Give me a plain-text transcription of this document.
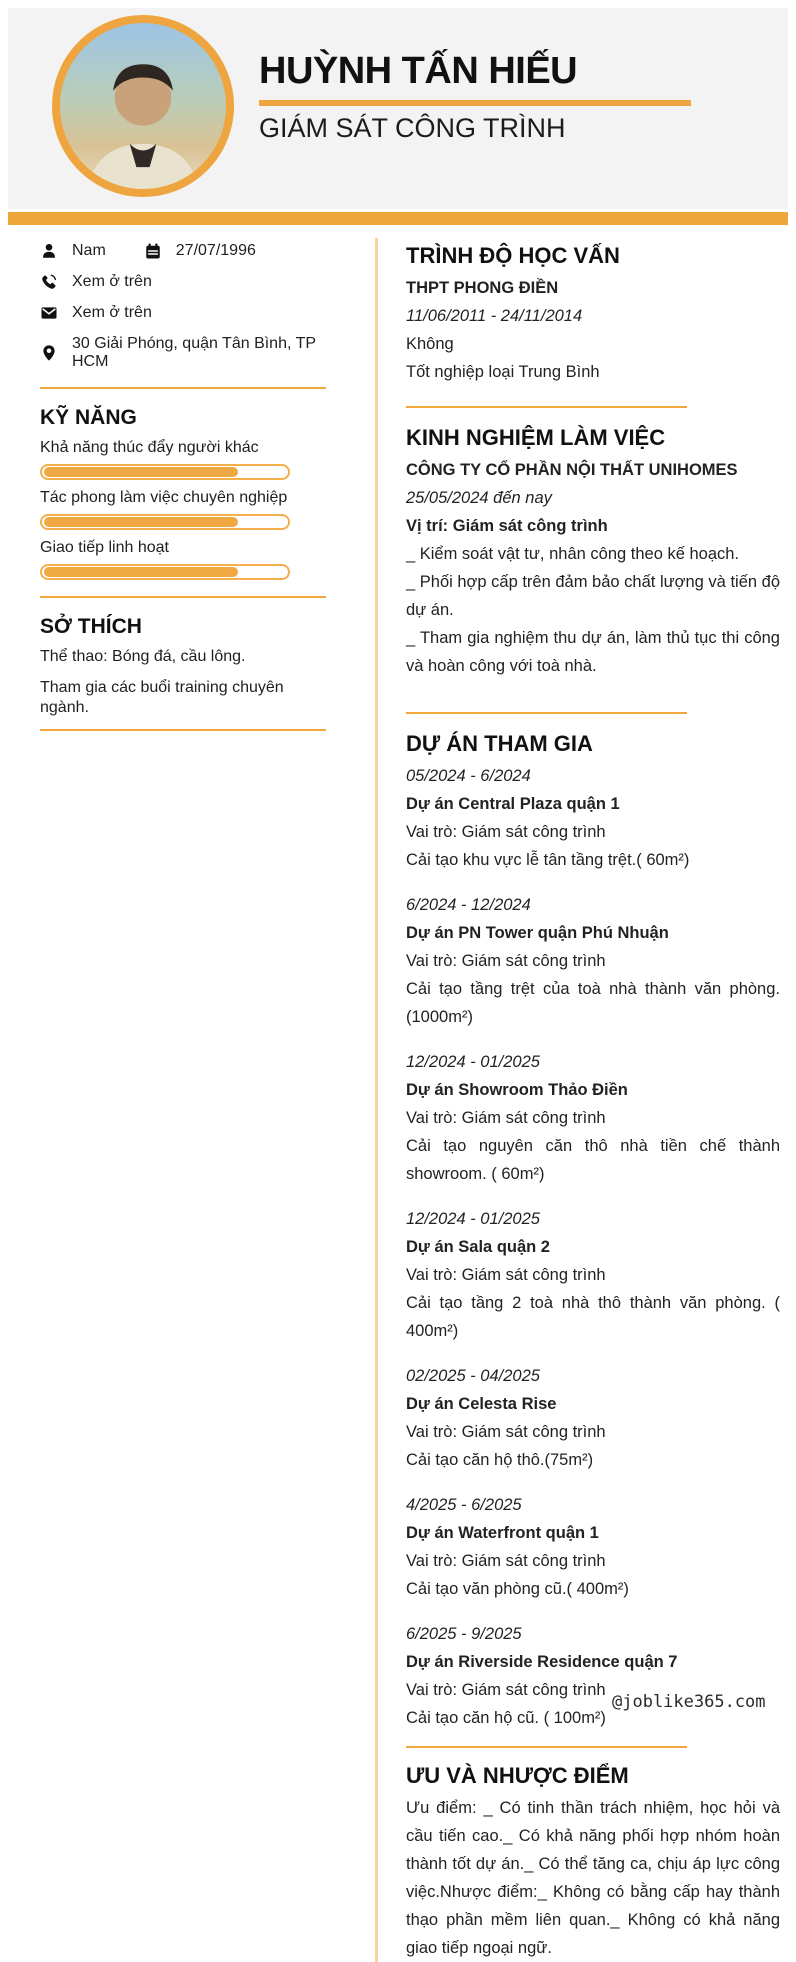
HUỲNH TẤN HIẾU
GIÁM SÁT CÔNG TRÌNH
Nam	27/07/1996
Xem ở trên
Xem ở trên
30 Giải Phóng, quận Tân Bình, TP HCM
KỸ NĂNG
Khả năng thúc đẩy người khác
Tác phong làm việc chuyên nghiệp
Giao tiếp linh hoạt
SỞ THÍCH

Thể thao: Bóng đá, cầu lông.

Tham gia các buổi training chuyên ngành.

TRÌNH ĐỘ HỌC VẤN

THPT PHONG ĐIỀN

11/06/2011 - 24/11/2014

Không

Tốt nghiệp loại Trung Bình

KINH NGHIỆM LÀM VIỆC

CÔNG TY CỔ PHẦN NỘI THẤT UNIHOMES

25/05/2024 đến nay

Vị trí: Giám sát công trình

_ Kiểm soát vật tư, nhân công theo kế hoạch.

_ Phối hợp cấp trên đảm bảo chất lượng và tiến độ dự án.

_ Tham gia nghiệm thu dự án, làm thủ tục thi công và hoàn công với toà nhà.

DỰ ÁN THAM GIA

05/2024 - 6/2024

Dự án Central Plaza quận 1

Vai trò: Giám sát công trình

Cải tạo khu vực lễ tân tầng trệt.( 60m²)

6/2024 - 12/2024

Dự án PN Tower quận Phú Nhuận

Vai trò: Giám sát công trình

Cải tạo tầng trệt của toà nhà thành văn phòng. (1000m²)

12/2024 - 01/2025

Dự án Showroom Thảo Điền

Vai trò: Giám sát công trình

Cải tạo nguyên căn thô nhà tiền chế thành showroom. ( 60m²)

12/2024 - 01/2025

Dự án Sala quận 2

Vai trò: Giám sát công trình

Cải tạo tầng 2 toà nhà thô thành văn phòng. ( 400m²)

02/2025 - 04/2025

Dự án Celesta Rise

Vai trò: Giám sát công trình

Cải tạo căn hộ thô.(75m²)

4/2025 - 6/2025

Dự án Waterfront quận 1

Vai trò: Giám sát công trình

Cải tạo văn phòng cũ.( 400m²)

6/2025 - 9/2025

Dự án Riverside Residence quận 7

Vai trò: Giám sát công trình

Cải tạo căn hộ cũ. ( 100m²)

ƯU VÀ NHƯỢC ĐIỂM

Ưu điểm: _ Có tinh thần trách nhiệm, học hỏi và cầu tiến cao._ Có khả năng phối hợp nhóm hoàn thành tốt dự án._ Có thể tăng ca, chịu áp lực công việc.Nhược điểm:_ Không có bằng cấp hay thành thạo phần mềm liên quan._ Không có khả năng giao tiếp ngoại ngữ.

@joblike365.com
